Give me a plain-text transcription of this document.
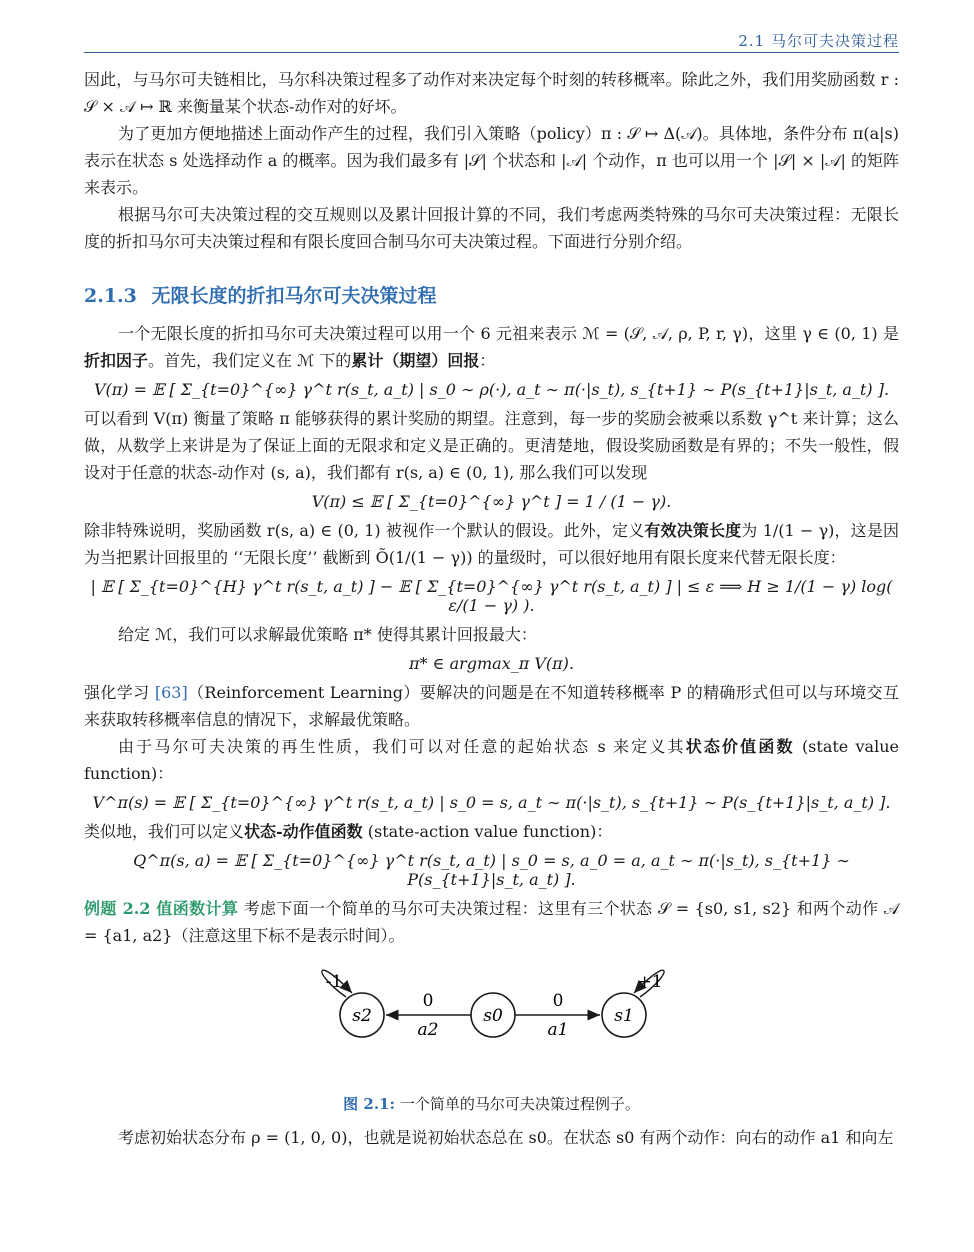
2.1 马尔可夫决策过程

因此，与马尔可夫链相比，马尔科决策过程多了动作对来决定每个时刻的转移概率。除此之外，我们用奖励函数 r : 𝒮 × 𝒜 ↦ ℝ 来衡量某个状态-动作对的好坏。

为了更加方便地描述上面动作产生的过程，我们引入策略（policy）π : 𝒮 ↦ Δ(𝒜)。具体地，条件分布 π(a|s) 表示在状态 s 处选择动作 a 的概率。因为我们最多有 |𝒮| 个状态和 |𝒜| 个动作，π 也可以用一个 |𝒮| × |𝒜| 的矩阵来表示。

根据马尔可夫决策过程的交互规则以及累计回报计算的不同，我们考虑两类特殊的马尔可夫决策过程：无限长度的折扣马尔可夫决策过程和有限长度回合制马尔可夫决策过程。下面进行分别介绍。

2.1.3 无限长度的折扣马尔可夫决策过程

一个无限长度的折扣马尔可夫决策过程可以用一个 6 元祖来表示 ℳ = (𝒮, 𝒜, ρ, P, r, γ)，这里 γ ∈ (0, 1) 是折扣因子。首先，我们定义在 ℳ 下的累计（期望）回报：

V(π) = 𝔼 [ Σ_{t=0}^{∞} γ^t r(s_t, a_t) | s_0 ∼ ρ(·), a_t ∼ π(·|s_t), s_{t+1} ∼ P(s_{t+1}|s_t, a_t) ].

可以看到 V(π) 衡量了策略 π 能够获得的累计奖励的期望。注意到，每一步的奖励会被乘以系数 γ^t 来计算；这么做，从数学上来讲是为了保证上面的无限求和定义是正确的。更清楚地，假设奖励函数是有界的；不失一般性，假设对于任意的状态-动作对 (s, a)，我们都有 r(s, a) ∈ (0, 1), 那么我们可以发现

V(π) ≤ 𝔼 [ Σ_{t=0}^{∞} γ^t ] = 1 / (1 − γ).

除非特殊说明，奖励函数 r(s, a) ∈ (0, 1) 被视作一个默认的假设。此外，定义有效决策长度为 1/(1 − γ)，这是因为当把累计回报里的 ‘‘无限长度’’ 截断到 Õ(1/(1 − γ)) 的量级时，可以很好地用有限长度来代替无限长度：

| 𝔼 [ Σ_{t=0}^{H} γ^t r(s_t, a_t) ] − 𝔼 [ Σ_{t=0}^{∞} γ^t r(s_t, a_t) ] | ≤ ε ⟹ H ≥ 1/(1 − γ) log( ε/(1 − γ) ).

给定 ℳ，我们可以求解最优策略 π* 使得其累计回报最大：

π* ∈ argmax_π V(π).

强化学习 [63]（Reinforcement Learning）要解决的问题是在不知道转移概率 P 的精确形式但可以与环境交互来获取转移概率信息的情况下，求解最优策略。

由于马尔可夫决策的再生性质，我们可以对任意的起始状态 s 来定义其状态价值函数 (state value function)：

V^π(s) = 𝔼 [ Σ_{t=0}^{∞} γ^t r(s_t, a_t) | s_0 = s, a_t ∼ π(·|s_t), s_{t+1} ∼ P(s_{t+1}|s_t, a_t) ].

类似地，我们可以定义状态-动作值函数 (state-action value function)：

Q^π(s, a) = 𝔼 [ Σ_{t=0}^{∞} γ^t r(s_t, a_t) | s_0 = s, a_0 = a, a_t ∼ π(·|s_t), s_{t+1} ∼ P(s_{t+1}|s_t, a_t) ].

例题 2.2 值函数计算 考虑下面一个简单的马尔可夫决策过程：这里有三个状态 𝒮 = {s0, s1, s2} 和两个动作 𝒜 = {a1, a2}（注意这里下标不是表示时间）。

s2	s0	s1
0
a2
0
a1
-1	+1
图 2.1: 一个简单的马尔可夫决策过程例子。

考虑初始状态分布 ρ = (1, 0, 0)，也就是说初始状态总在 s0。在状态 s0 有两个动作：向右的动作 a1 和向左
